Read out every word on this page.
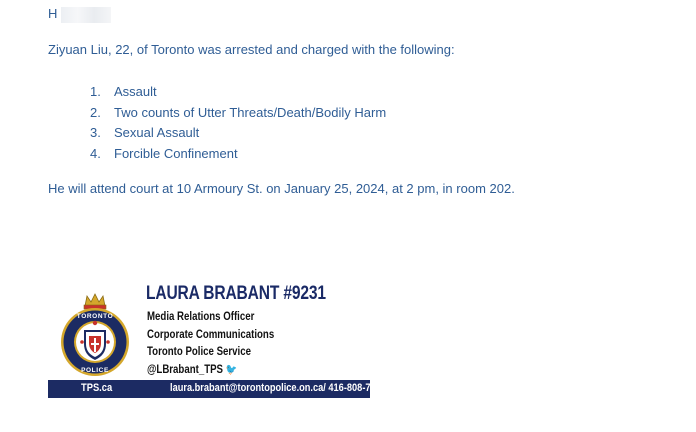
H
Ziyuan Liu, 22, of Toronto was arrested and charged with the following:
1. Assault
2. Two counts of Utter Threats/Death/Bodily Harm
3. Sexual Assault
4. Forcible Confinement
He will attend court at 10 Armoury St. on January 25, 2024, at 2 pm, in room 202.
TORONTO
POLICE
LAURA BRABANT #9231
Media Relations Officer
Corporate Communications
Toronto Police Service
@LBrabant_TPS 🐦
TPS.ca	laura.brabant@torontopolice.on.ca/ 416-808-7090
